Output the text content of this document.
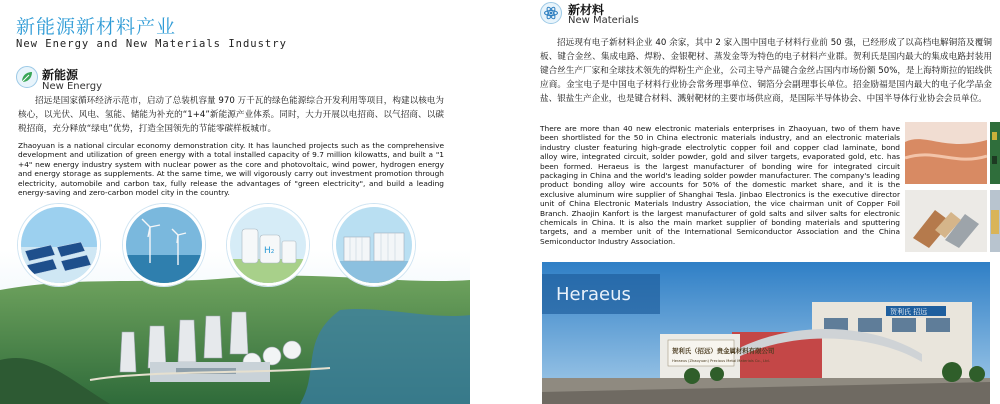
新能源新材料产业
New Energy and New Materials Industry
新能源
New Energy
招远是国家循环经济示范市，启动了总装机容量 970 万千瓦的绿色能源综合开发利用等项目，构建以核电为核心，以光伏、风电、氢能、储能为补充的“1+4”新能源产业体系。同时，大力开展以电招商、以气招商、以碳税招商，充分释放“绿电”优势，打造全国领先的节能零碳样板城市。
Zhaoyuan is a national circular economy demonstration city. It has launched projects such as the comprehensive development and utilization of green energy with a total installed capacity of 9.7 million kilowatts, and built a "1 +4" new energy industry system with nuclear power as the core and photovoltaic, wind power, hydrogen energy and energy storage as supplements. At the same time, we will vigorously carry out investment promotion through electricity, automobile and carbon tax, fully release the advantages of "green electricity", and build a leading energy-saving and zero-carbon model city in the country.
H₂
新材料
New Materials
招远现有电子新材料企业 40 余家，其中 2 家入围中国电子材料行业前 50 强，已经形成了以高档电解铜箔及覆铜板、键合金丝、集成电路、焊粉、金银靶材、蒸发金等为特色的电子材料产业群。贺利氏是国内最大的集成电路封装用键合丝生产厂家和全球技术领先的焊粉生产企业，公司主导产品键合金丝占国内市场份额 50%，是上海特斯拉的铝线供应商。金宝电子是中国电子材料行业协会常务理事单位、铜箔分会副理事长单位。招金励福是国内最大的电子化学品金盐、银盐生产企业，也是键合材料、溅射靶材的主要市场供应商，是国际半导体协会、中国半导体行业协会会员单位。
There are more than 40 new electronic materials enterprises in Zhaoyuan, two of them have been shortlisted for the 50 in China electronic materials industry, and an electronic materials industry cluster featuring high-grade electrolytic copper foil and copper clad laminate, bond alloy wire, integrated circuit, solder powder, gold and silver targets, evaporated gold, etc. has been formed. Heraeus is the largest manufacturer of bonding wire for integrated circuit packaging in China and the world's leading solder powder manufacturer. The company's leading product bonding alloy wire accounts for 50% of the domestic market share, and it is the exclusive aluminum wire supplier of Shanghai Tesla. Jinbao Electronics is the executive director unit of China Electronic Materials Industry Association, the vice chairman unit of Copper Foil Branch. Zhaojin Kanfort is the largest manufacturer of gold salts and silver salts for electronic chemicals in China. It is also the main market supplier of bonding materials and sputtering targets, and a member unit of the International Semiconductor Association and the China Semiconductor Industry Association.
贺利氏 招远
贺利氏（招远）贵金属材料有限公司
Heraeus (Zhaoyuan) Precious Metal Materials Co., Ltd.
Heraeus
